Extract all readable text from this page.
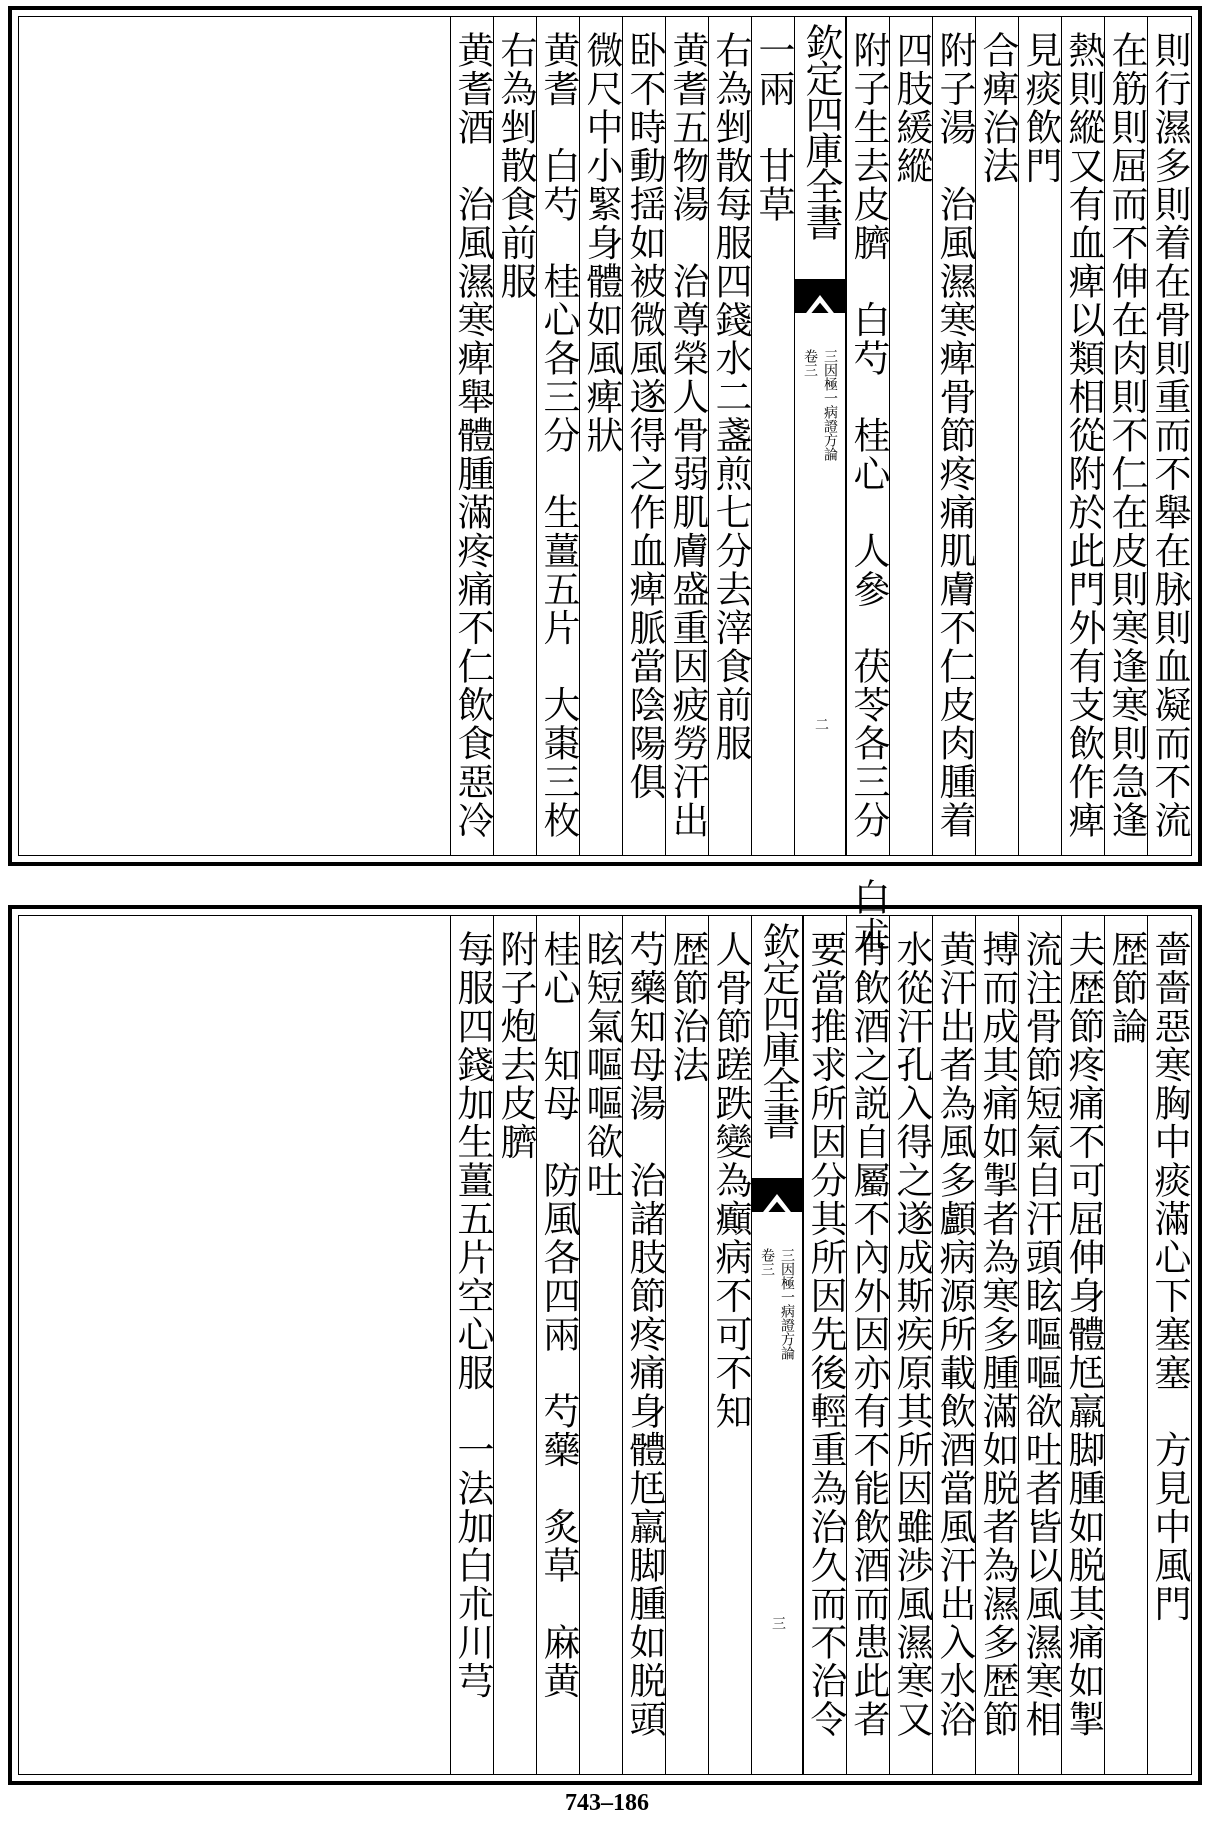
則行濕多則着在骨則重而不舉在脉則血凝而不流
在筋則屈而不伸在肉則不仁在皮則寒逢寒則急逢
熱則縱又有血痺以類相從附於此門外有支飲作痺
見痰飲門
合痺治法
附子湯　治風濕寒痺骨節疼痛肌膚不仁皮肉腫着
四肢緩縱
附子生去皮臍　白芍　桂心　人參　茯苓各三分　白朮
欽定四庫全書
卷三 三因極一病證方論
二
一兩　甘草
右為剉散每服四錢水二盞煎七分去滓食前服
黄耆五物湯　治尊榮人骨弱肌膚盛重因疲勞汗出
卧不時動揺如被微風遂得之作血痺脈當陰陽俱
微尺中小緊身體如風痺狀
黄耆　白芍　桂心各三分　生薑五片　大棗三枚
右為剉散食前服
黄耆酒　治風濕寒痺舉體腫滿疼痛不仁飲食惡冷
嗇嗇惡寒胸中痰滿心下塞塞　方見中風門
歴節論
夫歴節疼痛不可屈伸身體尪羸脚腫如脱其痛如掣
流注骨節短氣自汗頭眩嘔嘔欲吐者皆以風濕寒相
搏而成其痛如掣者為寒多腫滿如脱者為濕多歴節
黄汗出者為風多顱病源所載飲酒當風汗出入水浴
水從汗孔入得之遂成斯疾原其所因雖渉風濕寒又
有飲酒之説自屬不內外因亦有不能飲酒而患此者
要當推求所因分其所因先後輕重為治久而不治令
欽定四庫全書
卷三 三因極一病證方論
三
人骨節蹉跌變為癲病不可不知
歴節治法
芍藥知母湯　治諸肢節疼痛身體尪羸脚腫如脱頭
眩短氣嘔嘔欲吐
桂心　知母　防風各四兩　芍藥　炙草　麻黄
附子炮去皮臍
每服四錢加生薑五片空心服　一法加白朮川芎
743–186
